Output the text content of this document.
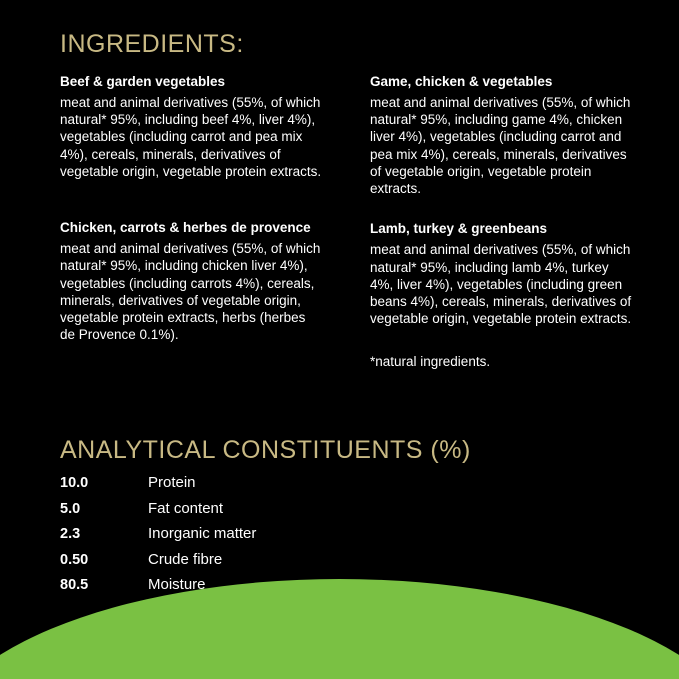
INGREDIENTS:

Beef & garden vegetables

meat and animal derivatives (55%, of which natural* 95%, including beef 4%, liver 4%), vegetables (including carrot and pea mix 4%), cereals, minerals, derivatives of vegetable origin, vegetable protein extracts.

Chicken, carrots & herbes de provence

meat and animal derivatives (55%, of which natural* 95%, including chicken liver 4%), vegetables (including carrots 4%), cereals, minerals, derivatives of vegetable origin, vegetable protein extracts, herbs (herbes de Provence 0.1%).

Game, chicken & vegetables

meat and animal derivatives (55%, of which natural* 95%, including game 4%, chicken liver 4%), vegetables (including carrot and pea mix 4%), cereals, minerals, derivatives of vegetable origin, vegetable protein extracts.

Lamb, turkey & greenbeans

meat and animal derivatives (55%, of which natural* 95%, including lamb 4%, turkey 4%, liver 4%), vegetables (including green beans 4%), cereals, minerals, derivatives of vegetable origin, vegetable protein extracts.

*natural ingredients.

ANALYTICAL CONSTITUENTS (%)
10.0	Protein
5.0	Fat content
2.3	Inorganic matter
0.50	Crude fibre
80.5	Moisture
